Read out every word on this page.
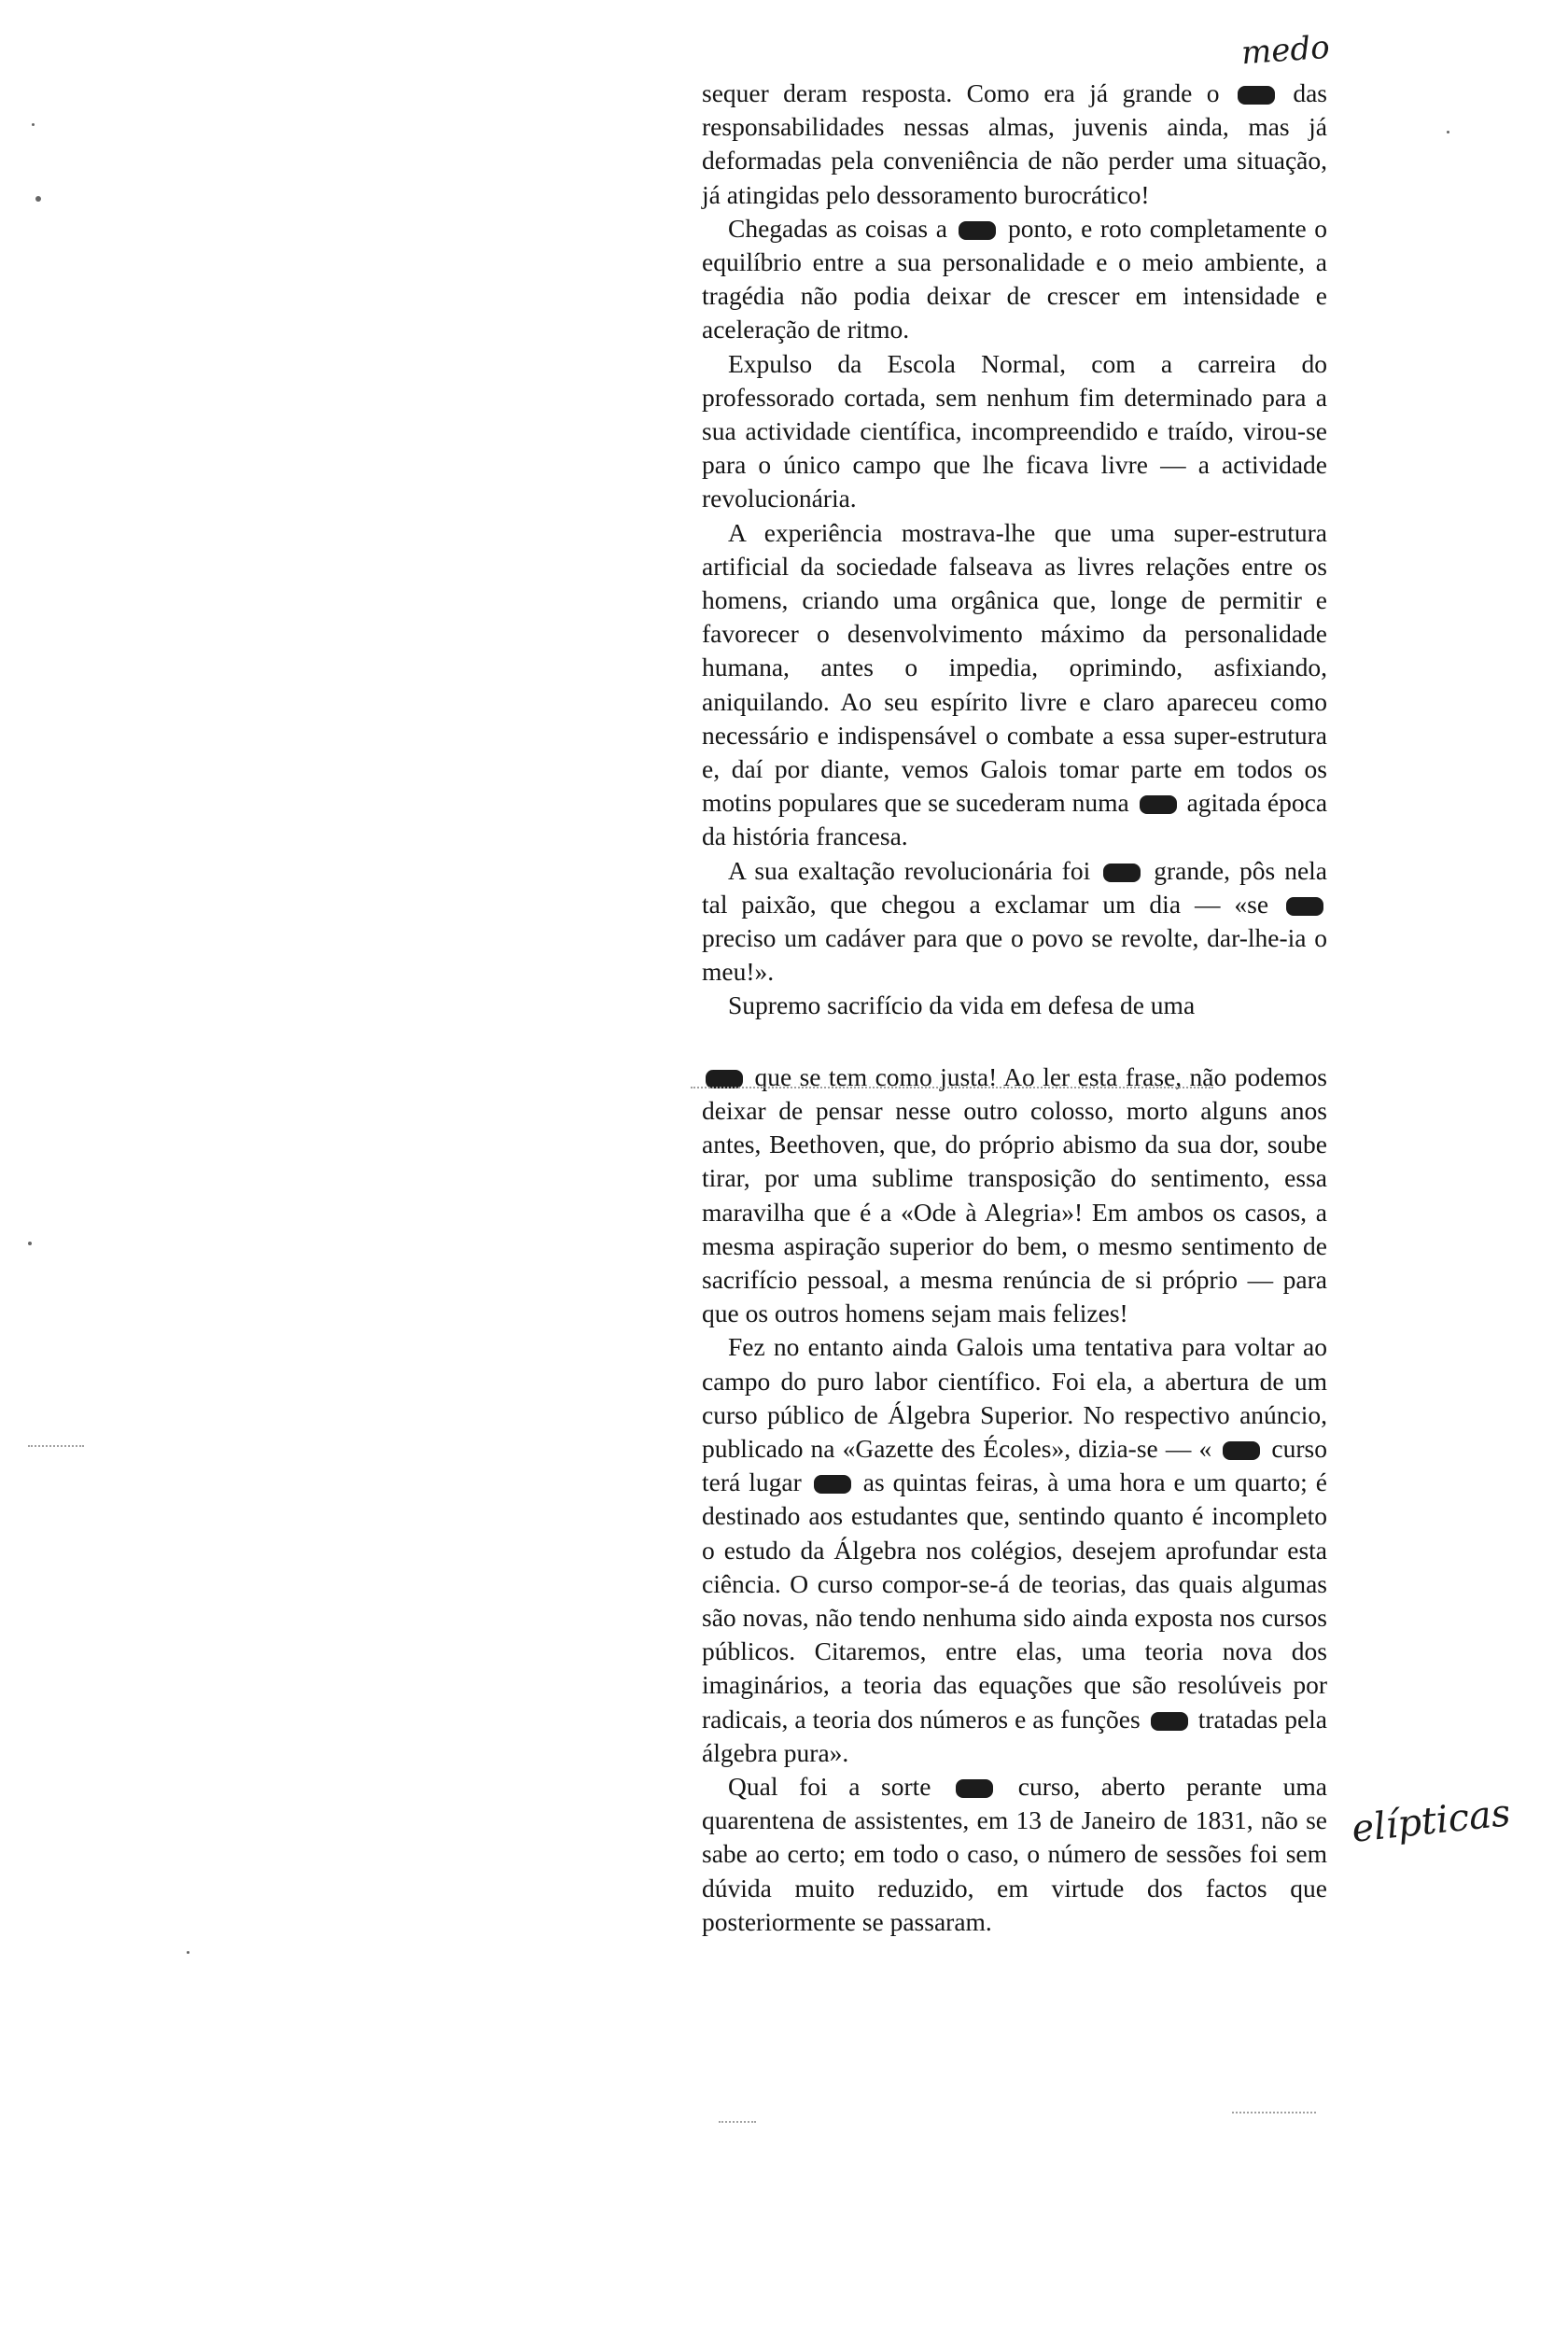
medo
elípticas

sequer deram resposta. Como era já grande o	das responsabilidades nessas almas, juvenis ainda, mas já deformadas pela conveniência de não perder uma situação, já atingidas pelo dessoramento burocrático!

Chegadas as coisas a ponto, e roto completamente o equilíbrio entre a sua personalidade e o meio ambiente, a tragédia não podia deixar de crescer em intensidade e aceleração de ritmo.

Expulso da Escola Normal, com a carreira do professorado cortada, sem nenhum fim determinado para a sua actividade científica, incompreendido e traído, virou-se para o único campo que lhe ficava livre — a actividade revolucionária.

A experiência mostrava-lhe que uma super-estrutura artificial da sociedade falseava as livres relações entre os homens, criando uma orgânica que, longe de permitir e favorecer o desenvolvimento máximo da personalidade humana, antes o impedia, oprimindo, asfixiando, aniquilando. Ao seu espírito livre e claro apareceu como necessário e indispensável o combate a essa super-estrutura e, daí por diante, vemos Galois tomar parte em todos os motins populares que se sucederam numa agitada época da história francesa.

A sua exaltação revolucionária foi grande, pôs nela tal paixão, que chegou a exclamar um dia — «se  preciso um cadáver para que o povo se revolte, dar-lhe-ia o meu!».

Supremo sacrifício da vida em defesa de uma

que se tem como justa! Ao ler esta frase, não podemos deixar de pensar nesse outro colosso, morto alguns anos antes, Beethoven, que, do próprio abismo da sua dor, soube tirar, por uma sublime transposição do sentimento, essa maravilha que é a «Ode à Alegria»! Em ambos os casos, a mesma aspiração superior do bem, o mesmo sentimento de sacrifício pessoal, a mesma renúncia de si próprio — para que os outros homens sejam mais felizes!

Fez no entanto ainda Galois uma tentativa para voltar ao campo do puro labor científico. Foi ela, a abertura de um curso público de Álgebra Superior. No respectivo anúncio, publicado na «Gazette des Écoles», dizia-se — « curso terá lugar as quintas feiras, à uma hora e um quarto; é destinado aos estudantes que, sentindo quanto é incompleto o estudo da Álgebra nos colégios, desejem aprofundar esta ciência. O curso compor-se-á de teorias, das quais algumas são novas, não tendo nenhuma sido ainda exposta nos cursos públicos. Citaremos, entre elas, uma teoria nova dos imaginários, a teoria das equações que são resolúveis por radicais, a teoria dos números e as funções tratadas pela álgebra pura».

Qual foi a sorte	curso, aberto perante uma quarentena de assistentes, em 13 de Janeiro de 1831, não se sabe ao certo; em todo o caso, o número de sessões foi sem dúvida muito reduzido, em virtude dos factos que posteriormente se passaram.
